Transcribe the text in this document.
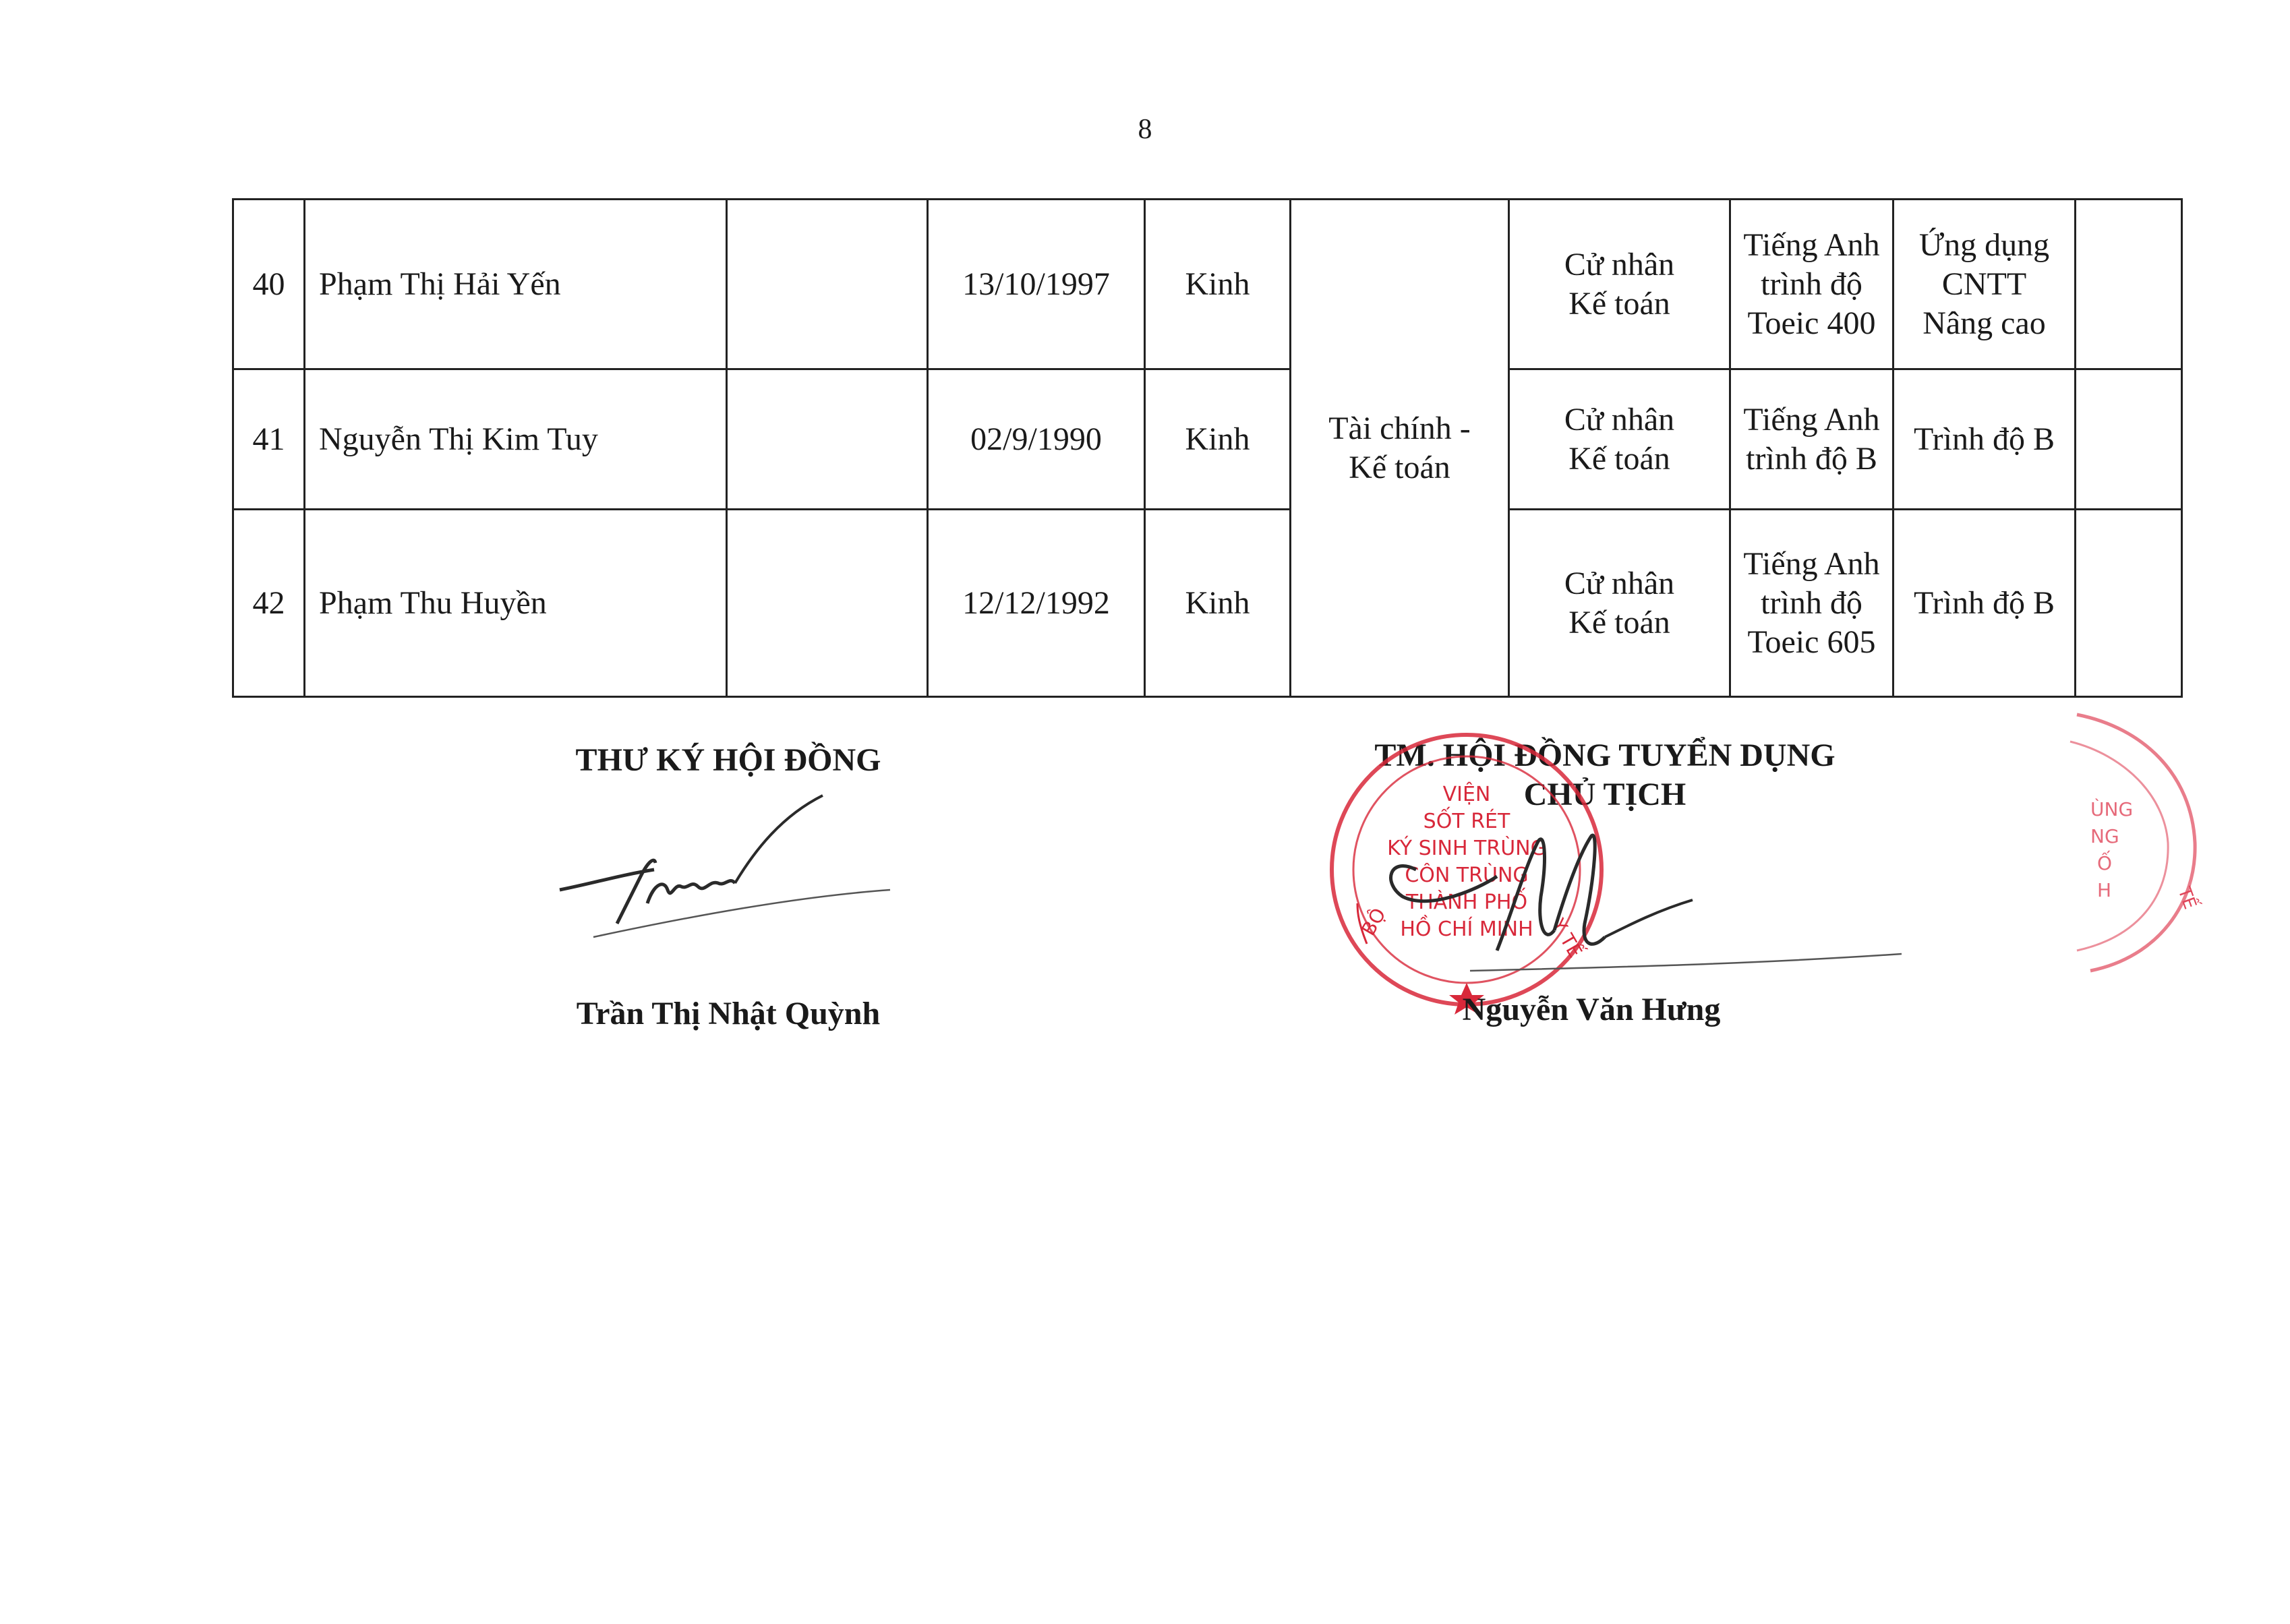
8
40	Phạm Thị Hải Yến		13/10/1997	Kinh	Tài chính - Kế toán	Cử nhân Kế toán	Tiếng Anh trình độ Toeic 400	Ứng dụng CNTT Nâng cao	
41	Nguyễn Thị Kim Tuy		02/9/1990	Kinh		Cử nhân Kế toán	Tiếng Anh trình độ B	Trình độ B	
42	Phạm Thu Huyền		12/12/1992	Kinh		Cử nhân Kế toán	Tiếng Anh trình độ Toeic 605	Trình độ B	
THƯ KÝ HỘI ĐỒNG
Trần Thị Nhật Quỳnh
TM. HỘI ĐỒNG TUYỂN DỤNG
CHỦ TỊCH
BỘ	Y TẾ
VIỆN
SỐT RÉT
KÝ SINH TRÙNG
CÔN TRÙNG
THÀNH PHỐ
HỒ CHÍ MINH
ÙNG
NG
Ố
H	TẾ
Nguyễn Văn Hưng
